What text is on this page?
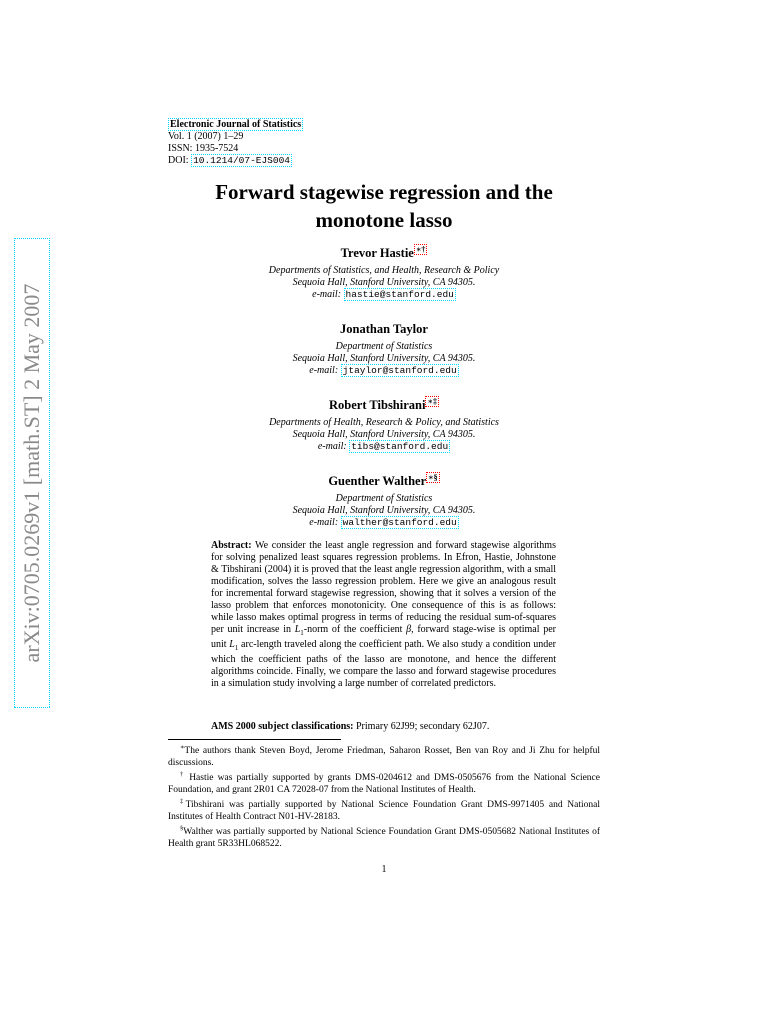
arXiv:0705.0269v1 [math.ST] 2 May 2007
Electronic Journal of Statistics
Vol. 1 (2007) 1–29
ISSN: 1935-7524
DOI: 10.1214/07-EJS004
Forward stagewise regression and the
monotone lasso
Trevor Hastie ∗†
Departments of Statistics, and Health, Research & Policy
Sequoia Hall, Stanford University, CA 94305.
e-mail: hastie@stanford.edu
Jonathan Taylor
Department of Statistics
Sequoia Hall, Stanford University, CA 94305.
e-mail: jtaylor@stanford.edu
Robert Tibshirani ∗‡
Departments of Health, Research & Policy, and Statistics
Sequoia Hall, Stanford University, CA 94305.
e-mail: tibs@stanford.edu
Guenther Walther ∗§
Department of Statistics
Sequoia Hall, Stanford University, CA 94305.
e-mail: walther@stanford.edu
Abstract: We consider the least angle regression and forward stagewise algorithms for solving penalized least squares regression problems. In Efron, Hastie, Johnstone & Tibshirani (2004) it is proved that the least angle regression algorithm, with a small modification, solves the lasso regression problem. Here we give an analogous result for incremental forward stagewise regression, showing that it solves a version of the lasso problem that enforces monotonicity. One consequence of this is as follows: while lasso makes optimal progress in terms of reducing the residual sum-of-squares per unit increase in $L_1$-norm of the coefficient β, forward stage-wise is optimal per unit $L_1$ arc-length traveled along the coefficient path. We also study a condition under which the coefficient paths of the lasso are monotone, and hence the different algorithms coincide. Finally, we compare the lasso and forward stagewise procedures in a simulation study involving a large number of correlated predictors.
AMS 2000 subject classifications: Primary 62J99; secondary 62J07.

∗The authors thank Steven Boyd, Jerome Friedman, Saharon Rosset, Ben van Roy and Ji Zhu for helpful discussions.

† Hastie was partially supported by grants DMS-0204612 and DMS-0505676 from the National Science Foundation, and grant 2R01 CA 72028-07 from the National Institutes of Health.

‡Tibshirani was partially supported by National Science Foundation Grant DMS-9971405 and National Institutes of Health Contract N01-HV-28183.

§Walther was partially supported by National Science Foundation Grant DMS-0505682 National Institutes of Health grant 5R33HL068522.

1
